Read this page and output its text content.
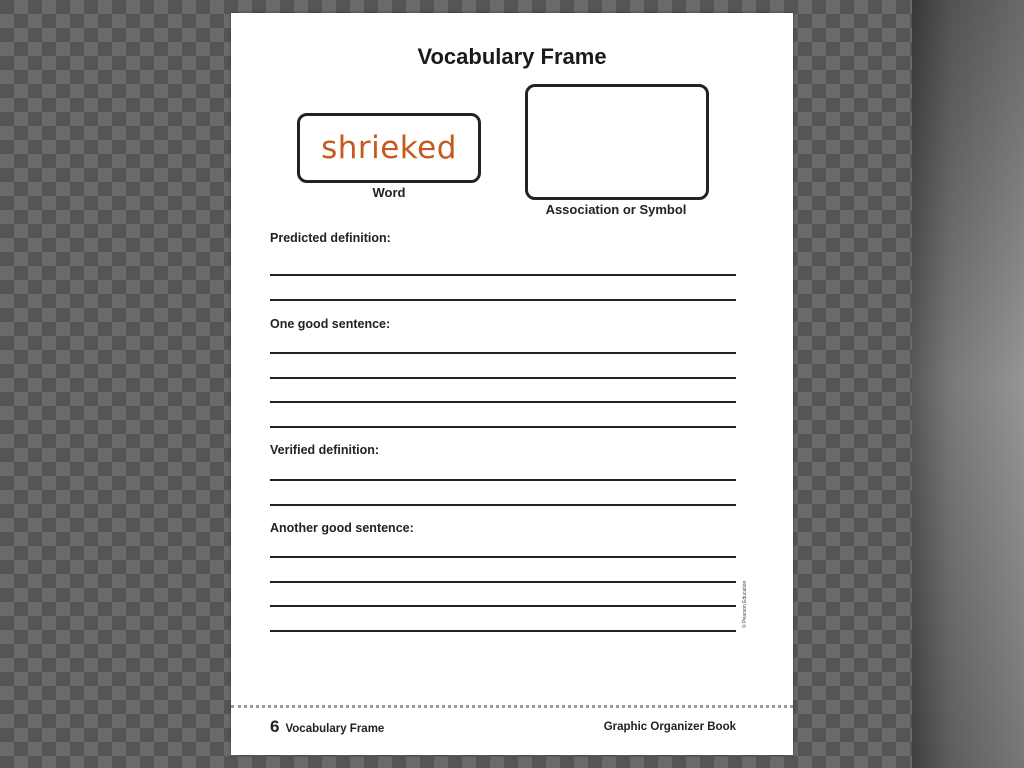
Vocabulary Frame
shrieked
Word
Association or Symbol
Predicted definition:
One good sentence:
Verified definition:
Another good sentence:
© Pearson Education
6 Vocabulary Frame	Graphic Organizer Book
